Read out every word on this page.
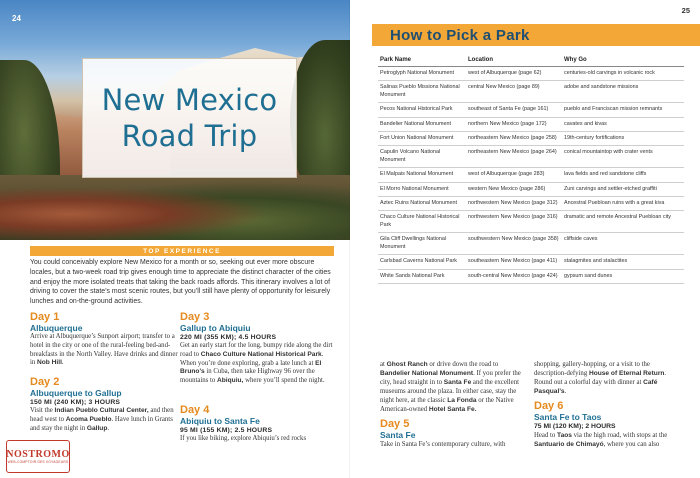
24
New Mexico
Road Trip
TOP EXPERIENCE
You could conceivably explore New Mexico for a month or so, seeking out ever more obscure locales, but a two-week road trip gives enough time to appreciate the distinct character of the cities and enjoy the more isolated treats that taking the back roads affords. This itinerary involves a lot of driving to cover the state’s most scenic routes, but you’ll still have plenty of opportunity for leisurely lunches and on-the-ground activities.
Day 1
Albuquerque

Arrive at Albuquerque’s Sunport airport; transfer to a hotel in the city or one of the rural-feeling bed-and-breakfasts in the North Valley. Have drinks and dinner in Nob Hill.

Day 2
Albuquerque to Gallup
150 MI (240 KM); 3 HOURS

Visit the Indian Pueblo Cultural Center, and then head west to Acoma Pueblo. Have lunch in Grants and stay the night in Gallup.

Day 3
Gallup to Abiquiu
220 MI (355 KM); 4.5 HOURS

Get an early start for the long, bumpy ride along the dirt road to Chaco Culture National Historical Park. When you’re done exploring, grab a late lunch at El Bruno’s in Cuba, then take Highway 96 over the mountains to Abiquiu, where you’ll spend the night.

Day 4
Abiquiu to Santa Fe
95 MI (155 KM); 2.5 HOURS

If you like biking, explore Abiquiu’s red rocks

NOSTROMO
WEB-COMPTOIR DES VOYAGEURS
25
How to Pick a Park
Park Name	Location	Why Go
Petroglyph National Monument	west of Albuquerque (page 62)	centuries-old carvings in volcanic rock
Salinas Pueblo Missions National Monument	central New Mexico (page 89)	adobe and sandstone missions
Pecos National Historical Park	southeast of Santa Fe (page 161)	pueblo and Franciscan mission remnants
Bandelier National Monument	northern New Mexico (page 172)	cavates and kivas
Fort Union National Monument	northeastern New Mexico (page 258)	19th-century fortifications
Capulin Volcano National Monument	northeastern New Mexico (page 264)	conical mountaintop with crater vents
El Malpais National Monument	west of Albuquerque (page 283)	lava fields and red sandstone cliffs
El Morro National Monument	western New Mexico (page 286)	Zuni carvings and settler-etched graffiti
Aztec Ruins National Monument	northwestern New Mexico (page 312)	Ancestral Puebloan ruins with a great kiva
Chaco Culture National Historical Park	northwestern New Mexico (page 316)	dramatic and remote Ancestral Puebloan city
Gila Cliff Dwellings National Monument	southwestern New Mexico (page 358)	cliffside caves
Carlsbad Caverns National Park	southeastern New Mexico (page 411)	stalagmites and stalactites
White Sands National Park	south-central New Mexico (page 424)	gypsum sand dunes

at Ghost Ranch or drive down the road to Bandelier National Monument. If you prefer the city, head straight in to Santa Fe and the excellent museums around the plaza. In either case, stay the night here, at the classic La Fonda or the Native American-owned Hotel Santa Fe.

Day 5
Santa Fe

Take in Santa Fe’s contemporary culture, with

shopping, gallery-hopping, or a visit to the description-defying House of Eternal Return. Round out a colorful day with dinner at Café Pasqual’s.

Day 6
Santa Fe to Taos
75 MI (120 KM); 2 HOURS

Head to Taos via the high road, with stops at the Santuario de Chimayó, where you can also
